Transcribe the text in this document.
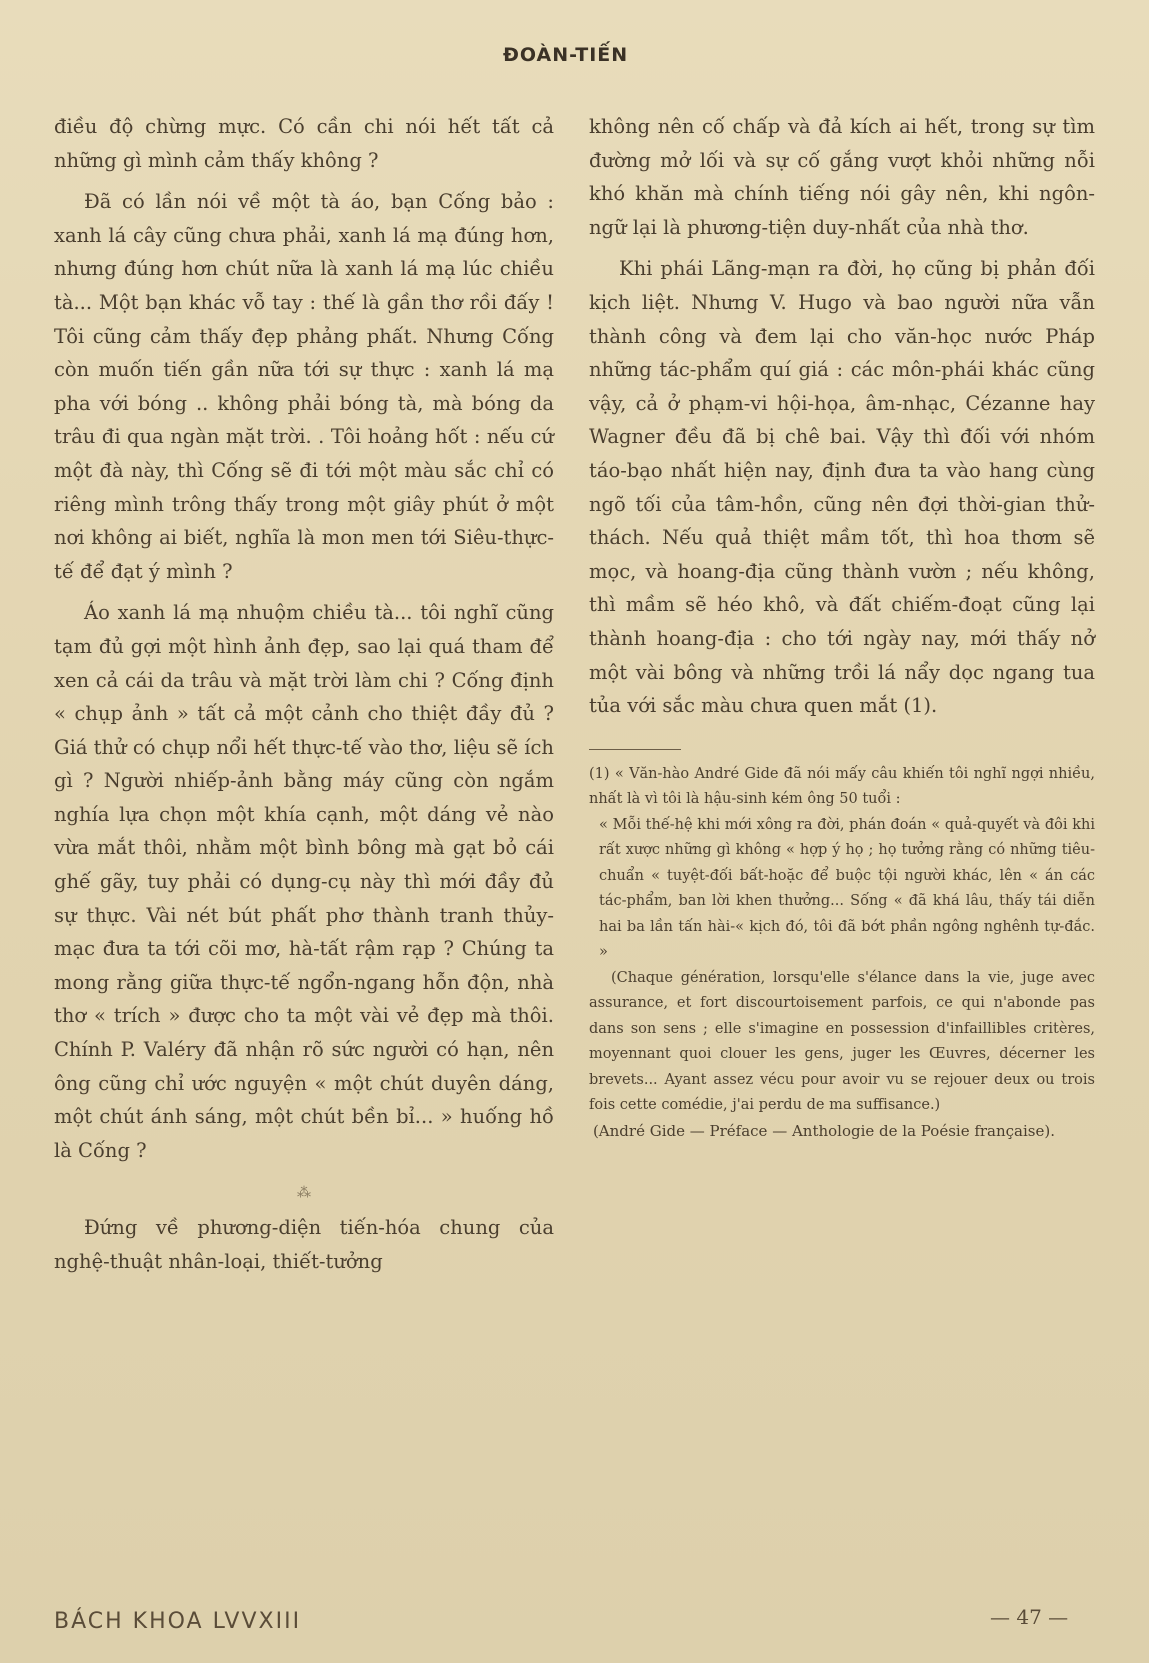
ĐOÀN-TIẾN

điều độ chừng mực. Có cần chi nói hết tất cả những gì mình cảm thấy không ?

Đã có lần nói về một tà áo, bạn Cống bảo : xanh lá cây cũng chưa phải, xanh lá mạ đúng hơn, nhưng đúng hơn chút nữa là xanh lá mạ lúc chiều tà... Một bạn khác vỗ tay : thế là gần thơ rồi đấy ! Tôi cũng cảm thấy đẹp phảng phất. Nhưng Cống còn muốn tiến gần nữa tới sự thực : xanh lá mạ pha với bóng .. không phải bóng tà, mà bóng da trâu đi qua ngàn mặt trời. . Tôi hoảng hốt : nếu cứ một đà này, thì Cống sẽ đi tới một màu sắc chỉ có riêng mình trông thấy trong một giây phút ở một nơi không ai biết, nghĩa là mon men tới Siêu-thực-tế để đạt ý mình ?

Áo xanh lá mạ nhuộm chiều tà... tôi nghĩ cũng tạm đủ gợi một hình ảnh đẹp, sao lại quá tham để xen cả cái da trâu và mặt trời làm chi ? Cống định « chụp ảnh » tất cả một cảnh cho thiệt đầy đủ ? Giá thử có chụp nổi hết thực-tế vào thơ, liệu sẽ ích gì ? Người nhiếp-ảnh bằng máy cũng còn ngắm nghía lựa chọn một khía cạnh, một dáng vẻ nào vừa mắt thôi, nhằm một bình bông mà gạt bỏ cái ghế gãy, tuy phải có dụng-cụ này thì mới đầy đủ sự thực. Vài nét bút phất phơ thành tranh thủy-mạc đưa ta tới cõi mơ, hà-tất rậm rạp ? Chúng ta mong rằng giữa thực-tế ngổn-ngang hỗn độn, nhà thơ « trích » được cho ta một vài vẻ đẹp mà thôi. Chính P. Valéry đã nhận rõ sức người có hạn, nên ông cũng chỉ ước nguyện « một chút duyên dáng, một chút ánh sáng, một chút bền bỉ... » huống hồ là Cống ?

⁂

Đứng về phương-diện tiến-hóa chung của nghệ-thuật nhân-loại, thiết-tưởng

không nên cố chấp và đả kích ai hết, trong sự tìm đường mở lối và sự cố gắng vượt khỏi những nỗi khó khăn mà chính tiếng nói gây nên, khi ngôn-ngữ lại là phương-tiện duy-nhất của nhà thơ.

Khi phái Lãng-mạn ra đời, họ cũng bị phản đối kịch liệt. Nhưng V. Hugo và bao người nữa vẫn thành công và đem lại cho văn-học nước Pháp những tác-phẩm quí giá : các môn-phái khác cũng vậy, cả ở phạm-vi hội-họa, âm-nhạc, Cézanne hay Wagner đều đã bị chê bai. Vậy thì đối với nhóm táo-bạo nhất hiện nay, định đưa ta vào hang cùng ngõ tối của tâm-hồn, cũng nên đợi thời-gian thử-thách. Nếu quả thiệt mầm tốt, thì hoa thơm sẽ mọc, và hoang-địa cũng thành vườn ; nếu không, thì mầm sẽ héo khô, và đất chiếm-đoạt cũng lại thành hoang-địa : cho tới ngày nay, mới thấy nở một vài bông và những trồi lá nẩy dọc ngang tua tủa với sắc màu chưa quen mắt (1).

(1) « Văn-hào André Gide đã nói mấy câu khiến tôi nghĩ ngợi nhiều, nhất là vì tôi là hậu-sinh kém ông 50 tuổi :

« Mỗi thế-hệ khi mới xông ra đời, phán đoán « quả-quyết và đôi khi rất xược những gì không « hợp ý họ ; họ tưởng rằng có những tiêu-chuẩn « tuyệt-đối bất-hoặc để buộc tội người khác, lên « án các tác-phẩm, ban lời khen thưởng... Sống « đã khá lâu, thấy tái diễn hai ba lần tấn hài-« kịch đó, tôi đã bớt phần ngông nghênh tự-đắc. »

(Chaque génération, lorsqu'elle s'élance dans la vie, juge avec assurance, et fort discourtoisement parfois, ce qui n'abonde pas dans son sens ; elle s'imagine en possession d'infaillibles critères, moyennant quoi clouer les gens, juger les Œuvres, décerner les brevets... Ayant assez vécu pour avoir vu se rejouer deux ou trois fois cette comédie, j'ai perdu de ma suffisance.)

(André Gide — Préface — Anthologie de la Poésie française).

BÁCH KHOA LVVXIII	— 47 —
